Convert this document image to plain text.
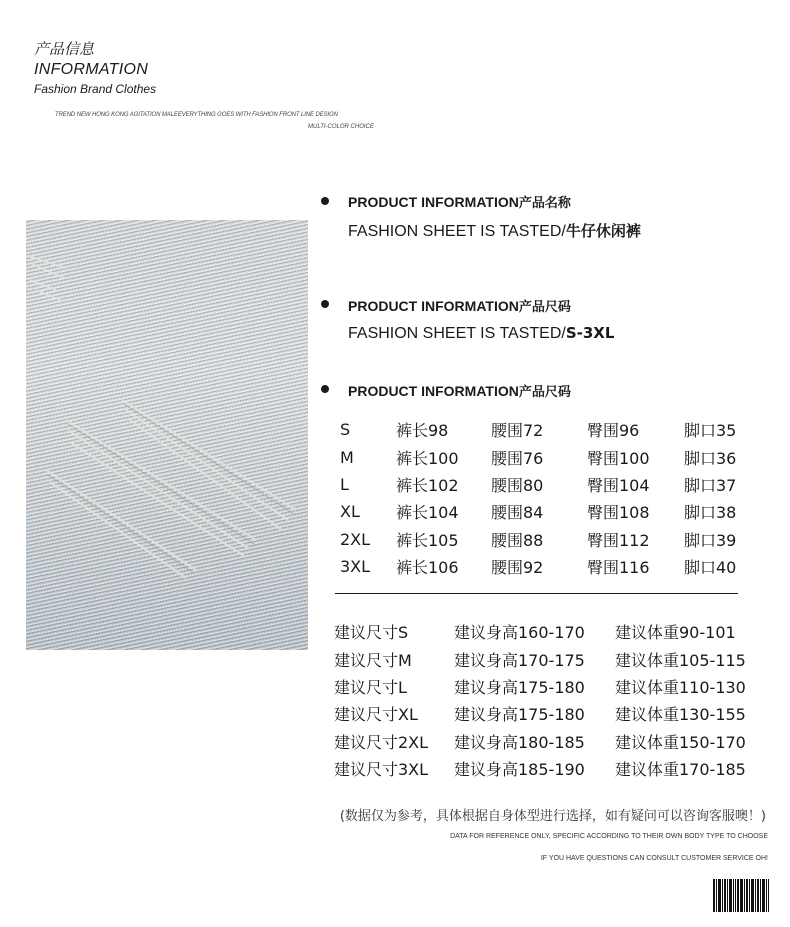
产品信息
INFORMATION
Fashion Brand Clothes
TREND NEW HONG KONG AGITATION MALEEVERYTHING GOES WITH FASHION FRONT LINE DESIGN
MULTI-COLOR CHOICE
PRODUCT INFORMATION产品名称
FASHION SHEET IS TASTED/牛仔休闲裤
PRODUCT INFORMATION产品尺码
FASHION SHEET IS TASTED/S-3XL
PRODUCT INFORMATION产品尺码
S	裤长98	腰围72	臀围96	脚口35
M	裤长100	腰围76	臀围100	脚口36
L	裤长102	腰围80	臀围104	脚口37
XL	裤长104	腰围84	臀围108	脚口38
2XL	裤长105	腰围88	臀围112	脚口39
3XL	裤长106	腰围92	臀围116	脚口40
建议尺寸S	建议身高160-170	建议体重90-101
建议尺寸M	建议身高170-175	建议体重105-115
建议尺寸L	建议身高175-180	建议体重110-130
建议尺寸XL	建议身高175-180	建议体重130-155
建议尺寸2XL	建议身高180-185	建议体重150-170
建议尺寸3XL	建议身高185-190	建议体重170-185
(数据仅为参考，具体根据自身体型进行选择，如有疑问可以咨询客服噢！)
DATA FOR REFERENCE ONLY, SPECIFIC ACCORDING TO THEIR OWN BODY TYPE TO CHOOSE
IF YOU HAVE QUESTIONS CAN CONSULT CUSTOMER SERVICE OH!
